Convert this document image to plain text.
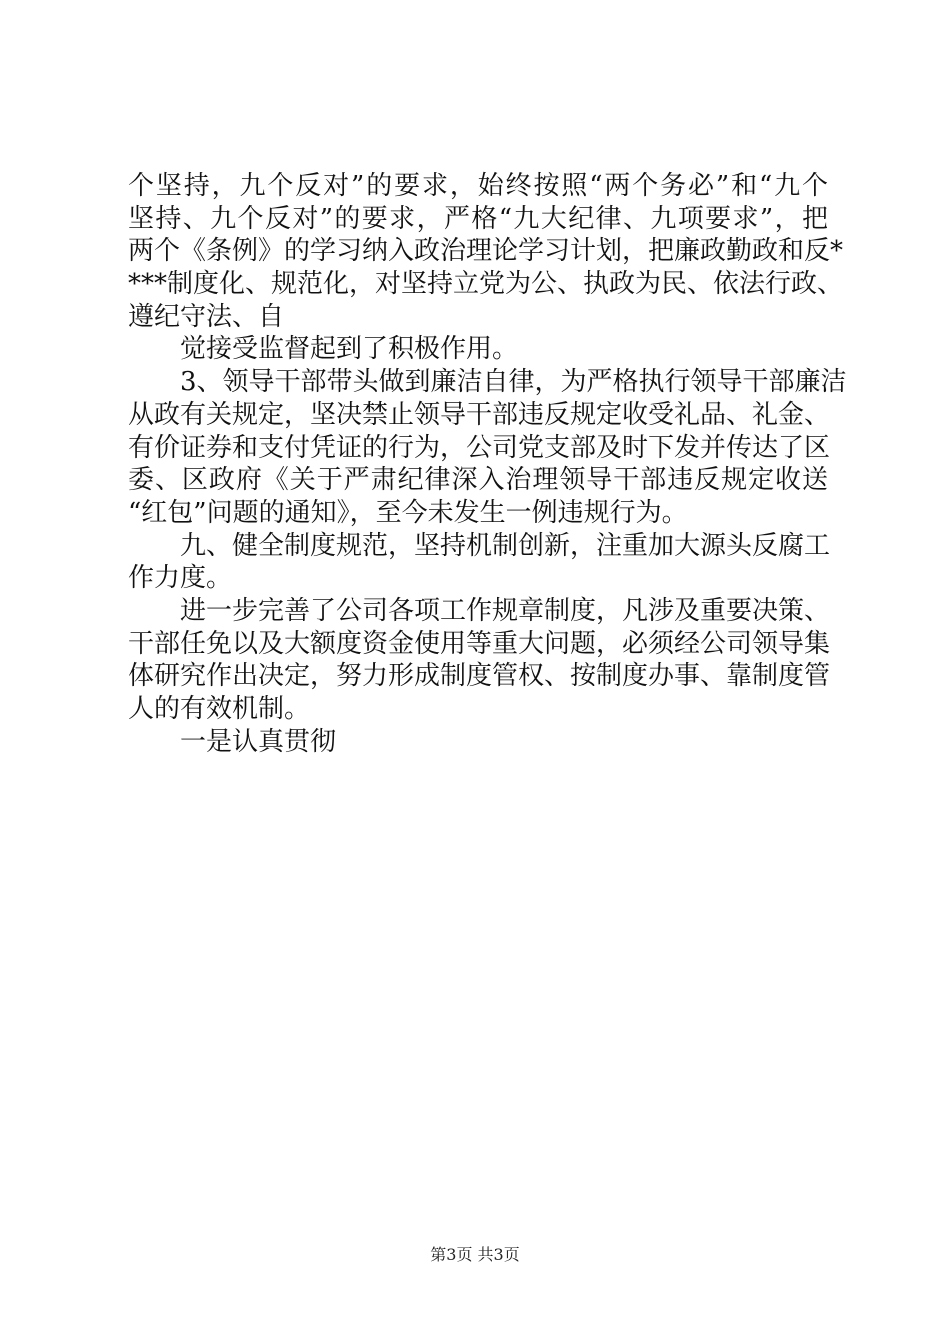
个坚持，九个反对”的要求，始终按照“两个务必”和“九个
坚持、九个反对”的要求，严格“九大纪律、九项要求”，把
两个《条例》的学习纳入政治理论学习计划，把廉政勤政和反*
***制度化、规范化，对坚持立党为公、执政为民、依法行政、
遵纪守法、自
觉接受监督起到了积极作用。
3、领导干部带头做到廉洁自律，为严格执行领导干部廉洁
从政有关规定，坚决禁止领导干部违反规定收受礼品、礼金、
有价证券和支付凭证的行为，公司党支部及时下发并传达了区
委、区政府《关于严肃纪律深入治理领导干部违反规定收送
“红包”问题的通知》，至今未发生一例违规行为。
九、健全制度规范，坚持机制创新，注重加大源头反腐工
作力度。
进一步完善了公司各项工作规章制度，凡涉及重要决策、
干部任免以及大额度资金使用等重大问题，必须经公司领导集
体研究作出决定，努力形成制度管权、按制度办事、靠制度管
人的有效机制。
一是认真贯彻
第3页 共3页
